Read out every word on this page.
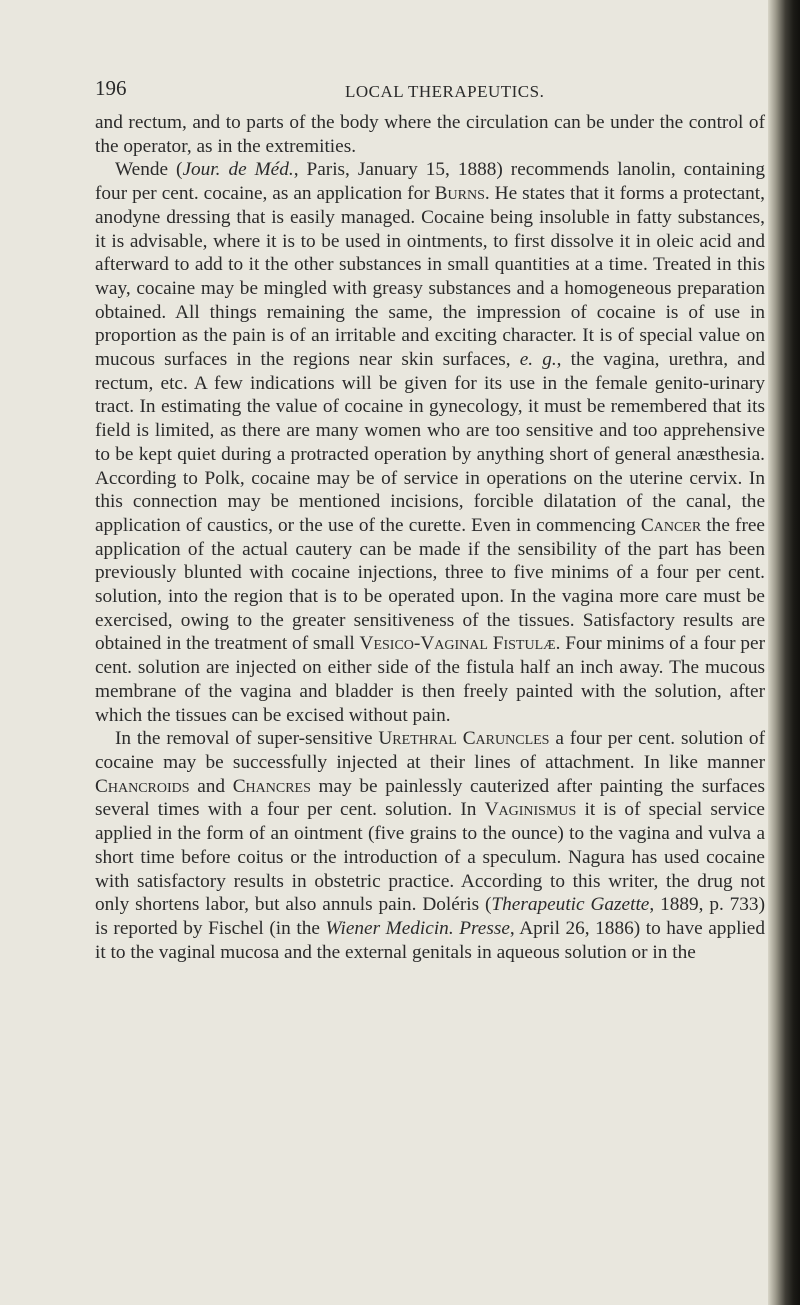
196	LOCAL THERAPEUTICS.

and rectum, and to parts of the body where the circulation can be under the control of the operator, as in the extremities.

Wende (Jour. de Méd., Paris, January 15, 1888) recommends lanolin, containing four per cent. cocaine, as an application for Burns. He states that it forms a protectant, anodyne dressing that is easily managed. Cocaine being insoluble in fatty substances, it is advisable, where it is to be used in ointments, to first dissolve it in oleic acid and afterward to add to it the other substances in small quantities at a time. Treated in this way, cocaine may be mingled with greasy substances and a homogeneous preparation obtained. All things remaining the same, the impression of cocaine is of use in proportion as the pain is of an irritable and exciting character. It is of special value on mucous surfaces in the regions near skin surfaces, e. g., the vagina, urethra, and rectum, etc. A few indications will be given for its use in the female genito-urinary tract. In estimating the value of cocaine in gynecology, it must be remembered that its field is limited, as there are many women who are too sensitive and too apprehensive to be kept quiet during a protracted operation by anything short of general anæsthesia. According to Polk, cocaine may be of service in operations on the uterine cervix. In this connection may be mentioned incisions, forcible dilatation of the canal, the application of caustics, or the use of the curette. Even in commencing Cancer the free application of the actual cautery can be made if the sensibility of the part has been previously blunted with cocaine injections, three to five minims of a four per cent. solution, into the region that is to be operated upon. In the vagina more care must be exercised, owing to the greater sensitiveness of the tissues. Satisfactory results are obtained in the treatment of small Vesico-Vaginal Fistulæ. Four minims of a four per cent. solution are injected on either side of the fistula half an inch away. The mucous membrane of the vagina and bladder is then freely painted with the solution, after which the tissues can be excised without pain.

In the removal of super-sensitive Urethral Caruncles a four per cent. solution of cocaine may be successfully injected at their lines of attachment. In like manner Chancroids and Chancres may be painlessly cauterized after painting the surfaces several times with a four per cent. solution. In Vaginismus it is of special service applied in the form of an ointment (five grains to the ounce) to the vagina and vulva a short time before coitus or the introduction of a speculum. Nagura has used cocaine with satisfactory results in obstetric practice. According to this writer, the drug not only shortens labor, but also annuls pain. Doléris (Therapeutic Gazette, 1889, p. 733) is reported by Fischel (in the Wiener Medicin. Presse, April 26, 1886) to have applied it to the vaginal mucosa and the external genitals in aqueous solution or in the
